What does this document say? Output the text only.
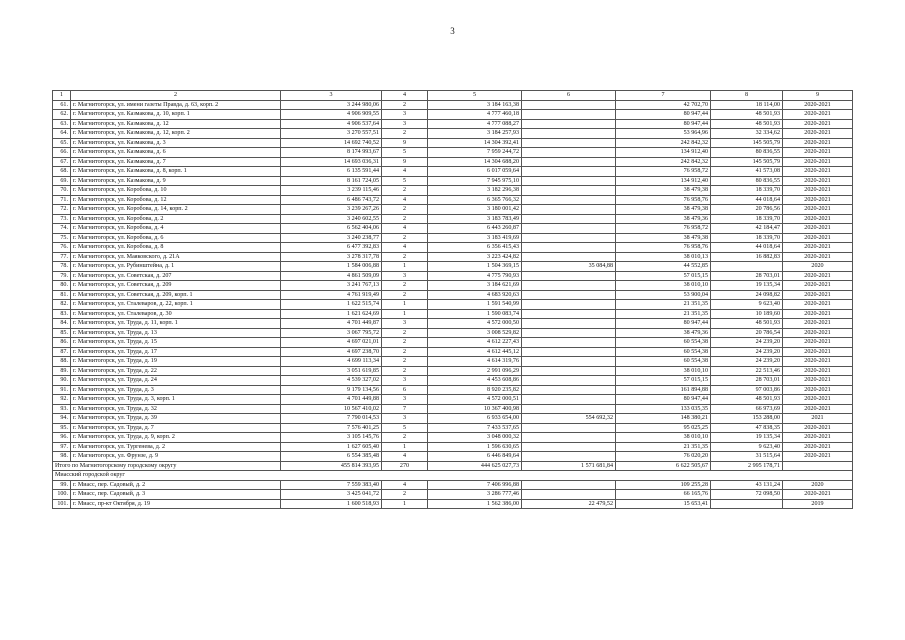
3
1	2	3	4	5	6	7	8	9
61.	г. Магнитогорск, ул. имени газеты Правда, д. 63, корп. 2	3 244 980,06	2	3 184 163,38		42 702,70	18 114,00	2020-2021
62.	г. Магнитогорск, ул. Казмакова, д. 10, корп. 1	4 906 909,55	3	4 777 460,18		80 947,44	48 501,93	2020-2021
63.	г. Магнитогорск, ул. Казмакова, д. 12	4 906 537,64	3	4 777 088,27		80 947,44	48 501,93	2020-2021
64.	г. Магнитогорск, ул. Казмакова, д. 12, корп. 2	3 270 557,51	2	3 184 257,93		53 964,96	32 334,62	2020-2021
65.	г. Магнитогорск, ул. Казмакова, д. 3	14 692 740,52	9	14 304 392,41		242 842,32	145 505,79	2020-2021
66.	г. Магнитогорск, ул. Казмакова, д. 6	8 174 993,67	5	7 959 244,72		134 912,40	80 836,55	2020-2021
67.	г. Магнитогорск, ул. Казмакова, д. 7	14 693 036,31	9	14 304 688,20		242 842,32	145 505,79	2020-2021
68.	г. Магнитогорск, ул. Казмакова, д. 8, корп. 1	6 135 591,44	4	6 017 059,64		76 958,72	41 573,08	2020-2021
69.	г. Магнитогорск, ул. Казмакова, д. 9	8 161 724,05	5	7 945 975,10		134 912,40	80 836,55	2020-2021
70.	г. Магнитогорск, ул. Коробова, д. 10	3 239 115,46	2	3 182 296,38		38 479,38	18 339,70	2020-2021
71.	г. Магнитогорск, ул. Коробова, д. 12	6 486 743,72	4	6 365 766,32		76 958,76	44 018,64	2020-2021
72.	г. Магнитогорск, ул. Коробова, д. 14, корп. 2	3 239 267,26	2	3 180 001,42		38 479,38	20 786,56	2020-2021
73.	г. Магнитогорск, ул. Коробова, д. 2	3 240 602,55	2	3 183 783,49		38 479,36	18 339,70	2020-2021
74.	г. Магнитогорск, ул. Коробова, д. 4	6 562 404,06	4	6 443 260,87		76 958,72	42 184,47	2020-2021
75.	г. Магнитогорск, ул. Коробова, д. 6	3 240 238,77	2	3 183 419,69		38 479,38	18 339,70	2020-2021
76.	г. Магнитогорск, ул. Коробова, д. 8	6 477 392,83	4	6 356 415,43		76 958,76	44 018,64	2020-2021
77.	г. Магнитогорск, ул. Маяковского, д. 21А	3 278 317,78	2	3 223 424,82		38 010,13	16 882,83	2020-2021
78.	г. Магнитогорск, ул. Рубинштейна, д. 1	1 584 006,88	1	1 504 369,15	35 084,88	44 552,85		2020
79.	г. Магнитогорск, ул. Советская, д. 207	4 861 509,09	3	4 775 790,93		57 015,15	28 703,01	2020-2021
80.	г. Магнитогорск, ул. Советская, д. 209	3 241 767,13	2	3 184 621,69		38 010,10	19 135,34	2020-2021
81.	г. Магнитогорск, ул. Советская, д. 209, корп. 1	4 761 919,49	2	4 683 920,63		53 900,04	24 098,82	2020-2021
82.	г. Магнитогорск, ул. Сталеваров, д. 22, корп. 1	1 622 515,74	1	1 591 540,99		21 351,35	9 623,40	2020-2021
83.	г. Магнитогорск, ул. Сталеваров, д. 30	1 621 624,69	1	1 590 083,74		21 351,35	10 189,60	2020-2021
84.	г. Магнитогорск, ул. Труда, д. 11, корп. 1	4 701 449,87	3	4 572 000,50		80 947,44	48 501,93	2020-2021
85.	г. Магнитогорск, ул. Труда, д. 13	3 067 795,72	2	3 008 529,82		38 479,36	20 786,54	2020-2021
86.	г. Магнитогорск, ул. Труда, д. 15	4 697 021,01	2	4 612 227,43		60 554,38	24 239,20	2020-2021
87.	г. Магнитогорск, ул. Труда, д. 17	4 697 238,70	2	4 612 445,12		60 554,38	24 239,20	2020-2021
88.	г. Магнитогорск, ул. Труда, д. 19	4 699 113,34	2	4 614 319,76		60 554,38	24 239,20	2020-2021
89.	г. Магнитогорск, ул. Труда, д. 22	3 051 619,85	2	2 991 096,29		38 010,10	22 513,46	2020-2021
90.	г. Магнитогорск, ул. Труда, д. 24	4 539 327,02	3	4 453 608,86		57 015,15	28 703,01	2020-2021
91.	г. Магнитогорск, ул. Труда, д. 3	9 179 134,56	6	8 920 235,82		161 894,88	97 003,86	2020-2021
92.	г. Магнитогорск, ул. Труда, д. 3, корп. 1	4 701 449,88	3	4 572 000,51		80 947,44	48 501,93	2020-2021
93.	г. Магнитогорск, ул. Труда, д. 32	10 567 410,02	7	10 367 400,98		133 035,35	66 973,69	2020-2021
94.	г. Магнитогорск, ул. Труда, д. 39	7 790 014,53	3	6 933 654,00	554 692,32	148 380,21	153 288,00	2021
95.	г. Магнитогорск, ул. Труда, д. 7	7 576 401,25	5	7 433 537,65		95 025,25	47 838,35	2020-2021
96.	г. Магнитогорск, ул. Труда, д. 9, корп. 2	3 105 145,76	2	3 048 000,32		38 010,10	19 135,34	2020-2021
97.	г. Магнитогорск, ул. Тургенева, д. 2	1 627 605,40	1	1 596 630,65		21 351,35	9 623,40	2020-2021
98.	г. Магнитогорск, ул. Фрунзе, д. 9	6 554 385,48	4	6 446 849,64		76 020,20	31 515,64	2020-2021
Итого по Магнитогорскому городскому округу		455 814 393,95	270	444 625 027,73	1 571 681,84	6 622 505,67	2 995 178,71	
Миасский городской округ								
99.	г. Миасс, пер. Садовый, д. 2	7 559 383,40	4	7 406 996,88		109 255,28	43 131,24	2020
100.	г. Миасс, пер. Садовый, д. 3	3 425 041,72	2	3 286 777,46		66 165,76	72 098,50	2020-2021
101.	г. Миасс, пр-кт Октября, д. 19	1 600 518,93	1	1 562 386,00	22 479,52	15 653,41		2019
